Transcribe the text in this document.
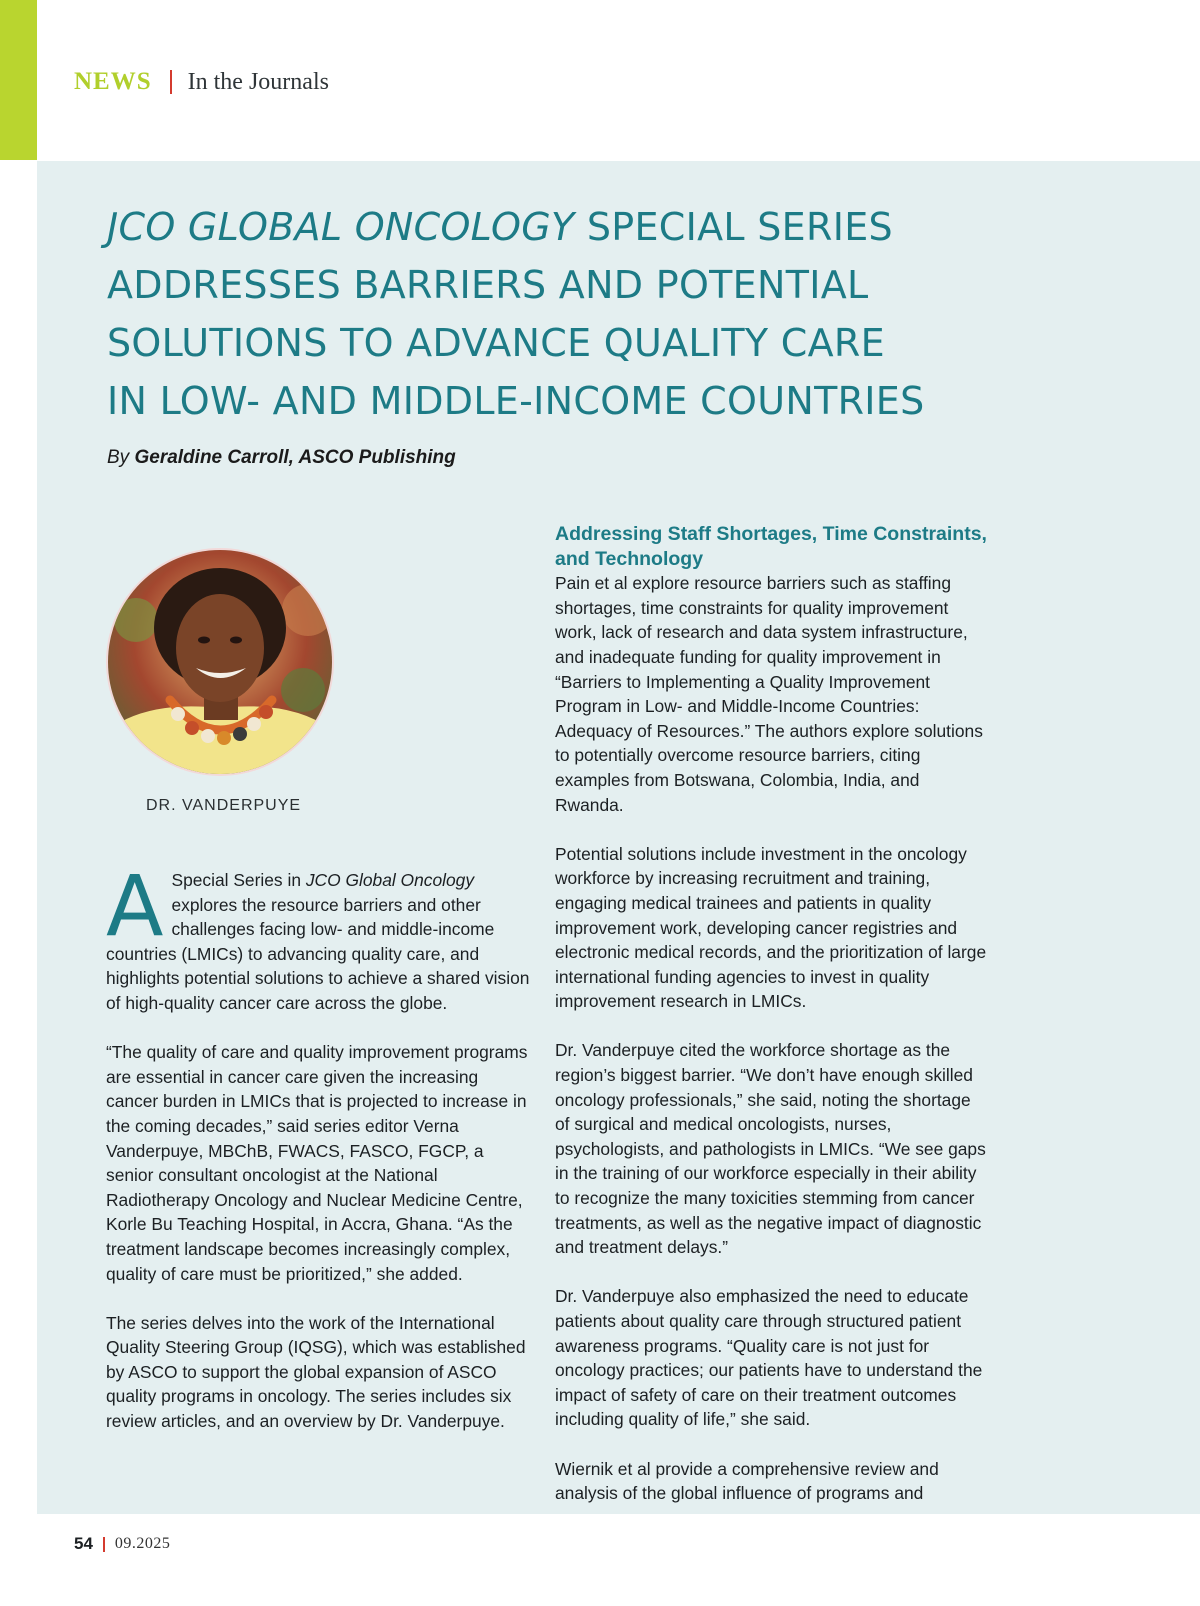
NEWS In the Journals
JCO GLOBAL ONCOLOGY SPECIAL SERIES
ADDRESSES BARRIERS AND POTENTIAL
SOLUTIONS TO ADVANCE QUALITY CARE
IN LOW- AND MIDDLE-INCOME COUNTRIES
By Geraldine Carroll, ASCO Publishing
DR. VANDERPUYE

A Special Series in JCO Global Oncology explores the resource barriers and other challenges facing low- and middle-income countries (LMICs) to advancing quality care, and highlights potential solutions to achieve a shared vision of high-quality cancer care across the globe.

“The quality of care and quality improvement programs are essential in cancer care given the increasing cancer burden in LMICs that is projected to increase in the coming decades,” said series editor Verna Vanderpuye, MBChB, FWACS, FASCO, FGCP, a senior consultant oncologist at the National Radiotherapy Oncology and Nuclear Medicine Centre, Korle Bu Teaching Hospital, in Accra, Ghana. “As the treatment landscape becomes increasingly complex, quality of care must be prioritized,” she added.

The series delves into the work of the International Quality Steering Group (IQSG), which was established by ASCO to support the global expansion of ASCO quality programs in oncology. The series includes six review articles, and an overview by Dr. Vanderpuye.

Addressing Staff Shortages, Time Constraints, and Technology

Pain et al explore resource barriers such as staffing shortages, time constraints for quality improvement work, lack of research and data system infrastructure, and inadequate funding for quality improvement in “Barriers to Implementing a Quality Improvement Program in Low- and Middle-Income Countries: Adequacy of Resources.” The authors explore solutions to potentially overcome resource barriers, citing examples from Botswana, Colombia, India, and Rwanda.

Potential solutions include investment in the oncology workforce by increasing recruitment and training, engaging medical trainees and patients in quality improvement work, developing cancer registries and electronic medical records, and the prioritization of large international funding agencies to invest in quality improvement research in LMICs.

Dr. Vanderpuye cited the workforce shortage as the region’s biggest barrier. “We don’t have enough skilled oncology professionals,” she said, noting the shortage of surgical and medical oncologists, nurses, psychologists, and pathologists in LMICs. “We see gaps in the training of our workforce especially in their ability to recognize the many toxicities stemming from cancer treatments, as well as the negative impact of diagnostic and treatment delays.”

Dr. Vanderpuye also emphasized the need to educate patients about quality care through structured patient awareness programs. “Quality care is not just for oncology practices; our patients have to understand the impact of safety of care on their treatment outcomes including quality of life,” she said.

Wiernik et al provide a comprehensive review and analysis of the global influence of programs and

54 09.2025
